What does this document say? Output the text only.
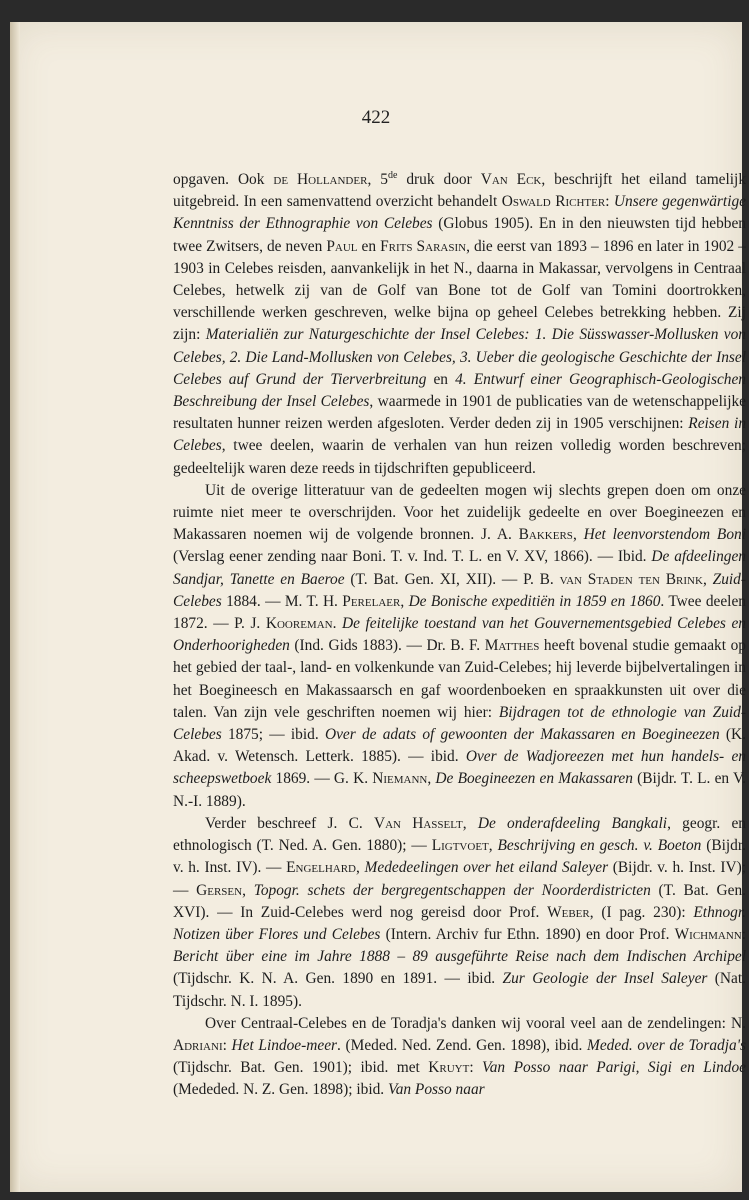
422

opgaven. Ook de Hollander, 5de druk door Van Eck, beschrijft het eiland tamelijk uitgebreid. In een samenvattend overzicht behandelt Oswald Richter: Unsere gegenwärtige Kenntniss der Ethnographie von Celebes (Globus 1905). En in den nieuwsten tijd hebben twee Zwitsers, de neven Paul en Frits Sarasin, die eerst van 1893 – 1896 en later in 1902 – 1903 in Celebes reisden, aanvankelijk in het N., daarna in Makassar, vervolgens in Centraal Celebes, hetwelk zij van de Golf van Bone tot de Golf van Tomini doortrokken, verschillende werken geschreven, welke bijna op geheel Celebes betrekking hebben. Zij zijn: Materialiën zur Naturgeschichte der Insel Celebes: 1. Die Süsswasser-Mollusken von Celebes, 2. Die Land-Mollusken von Celebes, 3. Ueber die geologische Geschichte der Insel Celebes auf Grund der Tierverbreitung en 4. Entwurf einer Geographisch-Geologischen Beschreibung der Insel Celebes, waarmede in 1901 de publicaties van de wetenschappelijke resultaten hunner reizen werden afgesloten. Verder deden zij in 1905 verschijnen: Reisen in Celebes, twee deelen, waarin de verhalen van hun reizen volledig worden beschreven; gedeeltelijk waren deze reeds in tijdschriften gepubliceerd.

Uit de overige litteratuur van de gedeelten mogen wij slechts grepen doen om onze ruimte niet meer te overschrijden. Voor het zuidelijk gedeelte en over Boegineezen en Makassaren noemen wij de volgende bronnen. J. A. Bakkers, Het leenvorstendom Boni (Verslag eener zending naar Boni. T. v. Ind. T. L. en V. XV, 1866). — Ibid. De afdeelingen Sandjar, Tanette en Baeroe (T. Bat. Gen. XI, XII). — P. B. van Staden ten Brink, Zuid-Celebes 1884. — M. T. H. Perelaer, De Bonische expeditiën in 1859 en 1860. Twee deelen 1872. — P. J. Kooreman. De feitelijke toestand van het Gouvernementsgebied Celebes en Onderhoorigheden (Ind. Gids 1883). — Dr. B. F. Matthes heeft bovenal studie gemaakt op het gebied der taal-, land- en volkenkunde van Zuid-Celebes; hij leverde bijbelvertalingen in het Boegineesch en Makassaarsch en gaf woordenboeken en spraakkunsten uit over die talen. Van zijn vele geschriften noemen wij hier: Bijdragen tot de ethnologie van Zuid-Celebes 1875; — ibid. Over de adats of gewoonten der Makassaren en Boegineezen (K. Akad. v. Wetensch. Letterk. 1885). — ibid. Over de Wadjoreezen met hun handels- en scheepswetboek 1869. — G. K. Niemann, De Boegineezen en Makassaren (Bijdr. T. L. en V. N.-I. 1889).

Verder beschreef J. C. Van Hasselt, De onderafdeeling Bangkali, geogr. en ethnologisch (T. Ned. A. Gen. 1880); — Ligtvoet, Beschrijving en gesch. v. Boeton (Bijdr. v. h. Inst. IV). — Engelhard, Mededeelingen over het eiland Saleyer (Bijdr. v. h. Inst. IV); — Gersen, Topogr. schets der bergregentschappen der Noorderdistricten (T. Bat. Gen. XVI). — In Zuid-Celebes werd nog gereisd door Prof. Weber, (I pag. 230): Ethnogr. Notizen über Flores und Celebes (Intern. Archiv fur Ethn. 1890) en door Prof. Wichmann: Bericht über eine im Jahre 1888 – 89 ausgeführte Reise nach dem Indischen Archipel (Tijdschr. K. N. A. Gen. 1890 en 1891. — ibid. Zur Geologie der Insel Saleyer (Nat. Tijdschr. N. I. 1895).

Over Centraal-Celebes en de Toradja's danken wij vooral veel aan de zendelingen: N. Adriani: Het Lindoe-meer. (Meded. Ned. Zend. Gen. 1898), ibid. Meded. over de Toradja's (Tijdschr. Bat. Gen. 1901); ibid. met Kruyt: Van Posso naar Parigi, Sigi en Lindoe (Mededed. N. Z. Gen. 1898); ibid. Van Posso naar
